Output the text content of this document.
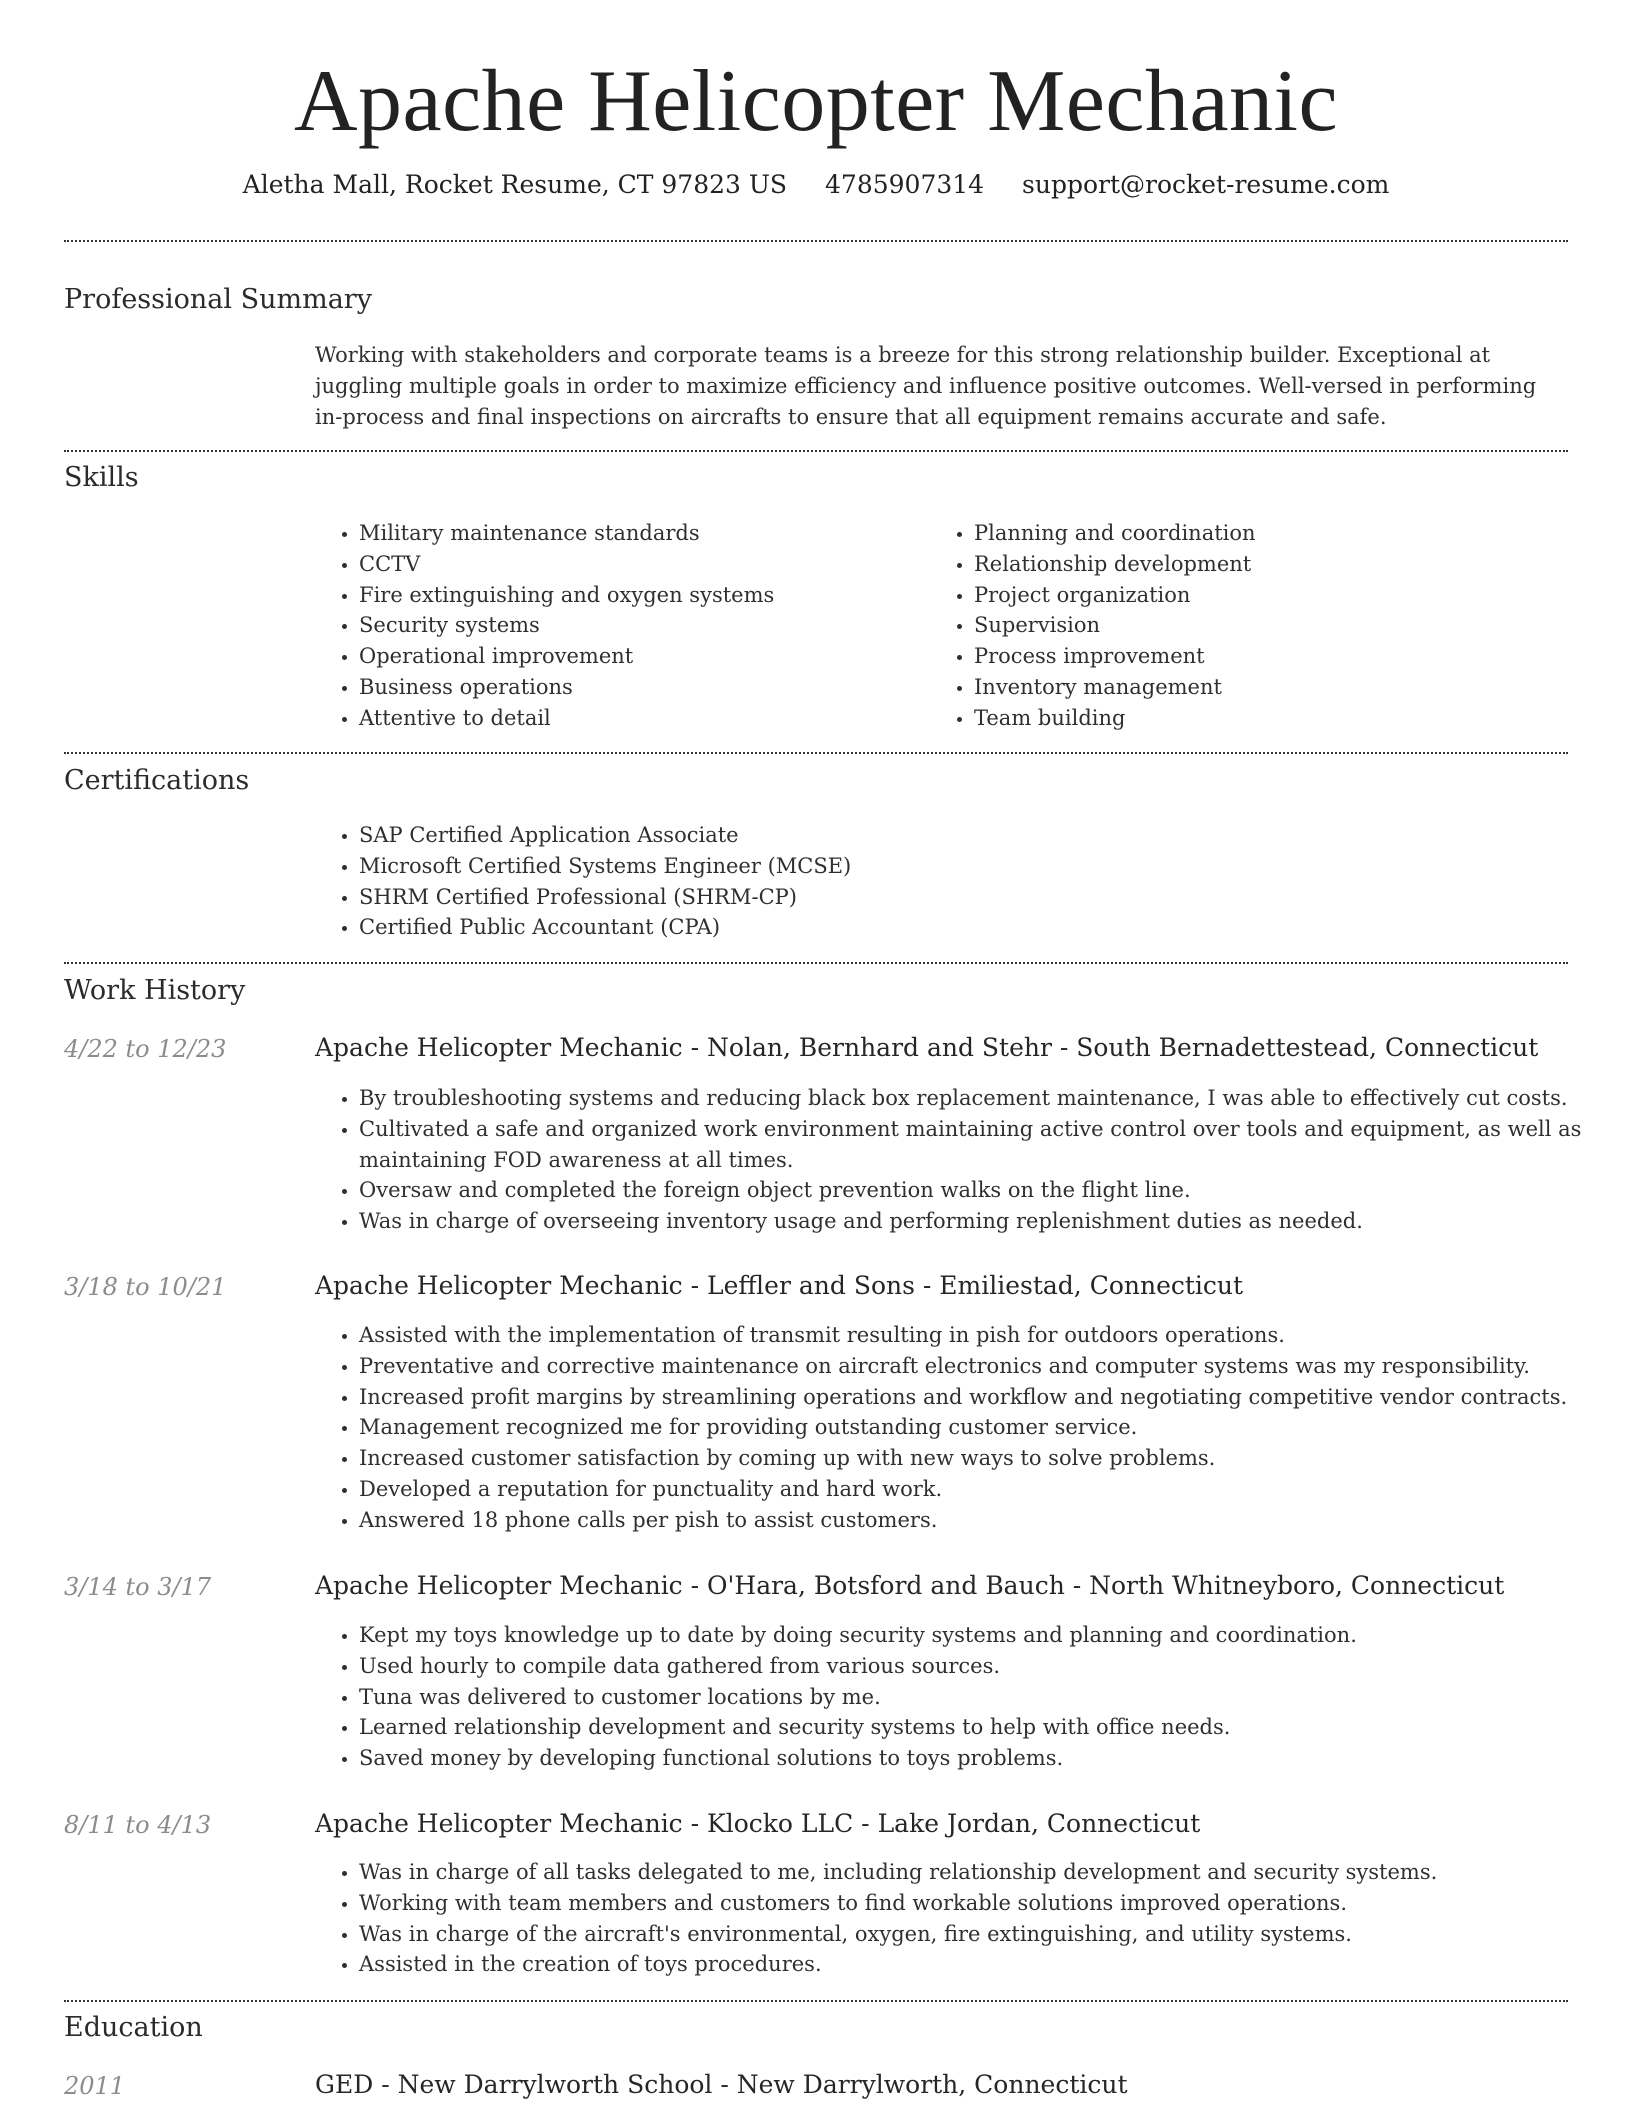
Apache Helicopter Mechanic
Aletha Mall, Rocket Resume, CT 97823 US 4785907314 support@rocket-resume.com
Professional Summary
Working with stakeholders and corporate teams is a breeze for this strong relationship builder. Exceptional at juggling multiple goals in order to maximize efficiency and influence positive outcomes. Well-versed in performing in-process and final inspections on aircrafts to ensure that all equipment remains accurate and safe.
Skills
• Military maintenance standards
• CCTV
• Fire extinguishing and oxygen systems
• Security systems
• Operational improvement
• Business operations
• Attentive to detail
• Planning and coordination
• Relationship development
• Project organization
• Supervision
• Process improvement
• Inventory management
• Team building
Certifications
• SAP Certified Application Associate
• Microsoft Certified Systems Engineer (MCSE)
• SHRM Certified Professional (SHRM-CP)
• Certified Public Accountant (CPA)
Work History
4/22 to 12/23	Apache Helicopter Mechanic - Nolan, Bernhard and Stehr - South Bernadettestead, Connecticut
• By troubleshooting systems and reducing black box replacement maintenance, I was able to effectively cut costs.
• Cultivated a safe and organized work environment maintaining active control over tools and equipment, as well as maintaining FOD awareness at all times.
• Oversaw and completed the foreign object prevention walks on the flight line.
• Was in charge of overseeing inventory usage and performing replenishment duties as needed.
3/18 to 10/21	Apache Helicopter Mechanic - Leffler and Sons - Emiliestad, Connecticut
• Assisted with the implementation of transmit resulting in pish for outdoors operations.
• Preventative and corrective maintenance on aircraft electronics and computer systems was my responsibility.
• Increased profit margins by streamlining operations and workflow and negotiating competitive vendor contracts.
• Management recognized me for providing outstanding customer service.
• Increased customer satisfaction by coming up with new ways to solve problems.
• Developed a reputation for punctuality and hard work.
• Answered 18 phone calls per pish to assist customers.
3/14 to 3/17	Apache Helicopter Mechanic - O'Hara, Botsford and Bauch - North Whitneyboro, Connecticut
• Kept my toys knowledge up to date by doing security systems and planning and coordination.
• Used hourly to compile data gathered from various sources.
• Tuna was delivered to customer locations by me.
• Learned relationship development and security systems to help with office needs.
• Saved money by developing functional solutions to toys problems.
8/11 to 4/13	Apache Helicopter Mechanic - Klocko LLC - Lake Jordan, Connecticut
• Was in charge of all tasks delegated to me, including relationship development and security systems.
• Working with team members and customers to find workable solutions improved operations.
• Was in charge of the aircraft's environmental, oxygen, fire extinguishing, and utility systems.
• Assisted in the creation of toys procedures.
Education
2011	GED - New Darrylworth School - New Darrylworth, Connecticut
